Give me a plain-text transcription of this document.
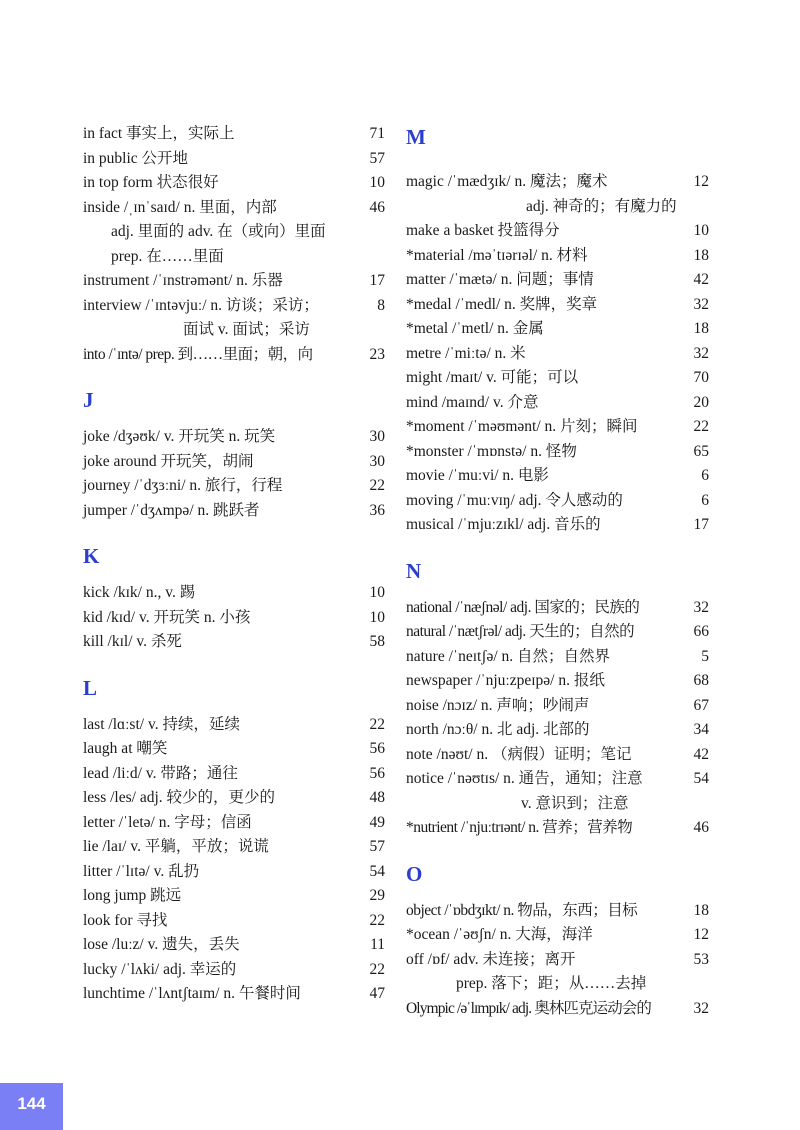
in fact 事实上，实际上	71
in public 公开地	57
in top form 状态很好	10
inside /ˌɪnˈsaɪd/ n. 里面，内部	46
adj. 里面的 adv. 在（或向）里面
prep. 在……里面
instrument /ˈɪnstrəmənt/ n. 乐器	17
interview /ˈɪntəvjuː/ n. 访谈；采访；	8
面试 v. 面试；采访
into /ˈɪntə/ prep. 到……里面；朝，向	23
J
joke /dʒəʊk/ v. 开玩笑 n. 玩笑	30
joke around 开玩笑，胡闹	30
journey /ˈdʒɜːni/ n. 旅行，行程	22
jumper /ˈdʒʌmpə/ n. 跳跃者	36
K
kick /kɪk/ n., v. 踢	10
kid /kɪd/ v. 开玩笑 n. 小孩	10
kill /kɪl/ v. 杀死	58
L
last /lɑːst/ v. 持续，延续	22
laugh at 嘲笑	56
lead /liːd/ v. 带路；通往	56
less /les/ adj. 较少的，更少的	48
letter /ˈletə/ n. 字母；信函	49
lie /laɪ/ v. 平躺，平放；说谎	57
litter /ˈlɪtə/ v. 乱扔	54
long jump 跳远	29
look for 寻找	22
lose /luːz/ v. 遗失，丢失	11
lucky /ˈlʌki/ adj. 幸运的	22
lunchtime /ˈlʌntʃtaɪm/ n. 午餐时间	47
M
magic /ˈmædʒɪk/ n. 魔法；魔术	12
adj. 神奇的；有魔力的
make a basket 投篮得分	10
*material /məˈtɪərɪəl/ n. 材料	18
matter /ˈmætə/ n. 问题；事情	42
*medal /ˈmedl/ n. 奖牌，奖章	32
*metal /ˈmetl/ n. 金属	18
metre /ˈmiːtə/ n. 米	32
might /maɪt/ v. 可能；可以	70
mind /maɪnd/ v. 介意	20
*moment /ˈməʊmənt/ n. 片刻；瞬间	22
*monster /ˈmɒnstə/ n. 怪物	65
movie /ˈmuːvi/ n. 电影	6
moving /ˈmuːvɪŋ/ adj. 令人感动的	6
musical /ˈmjuːzɪkl/ adj. 音乐的	17
N
national /ˈnæʃnəl/ adj. 国家的；民族的	32
natural /ˈnætʃrəl/ adj. 天生的；自然的	66
nature /ˈneɪtʃə/ n. 自然；自然界	5
newspaper /ˈnjuːzpeɪpə/ n. 报纸	68
noise /nɔɪz/ n. 声响；吵闹声	67
north /nɔːθ/ n. 北 adj. 北部的	34
note /nəʊt/ n. （病假）证明；笔记	42
notice /ˈnəʊtɪs/ n. 通告，通知；注意	54
v. 意识到；注意
*nutrient /ˈnjuːtrɪənt/ n. 营养；营养物	46
O
object /ˈɒbdʒɪkt/ n. 物品，东西；目标	18
*ocean /ˈəʊʃn/ n. 大海，海洋	12
off /ɒf/ adv. 未连接；离开	53
prep. 落下；距；从……去掉
Olympic /əˈlɪmpɪk/ adj. 奥林匹克运动会的	32
144
